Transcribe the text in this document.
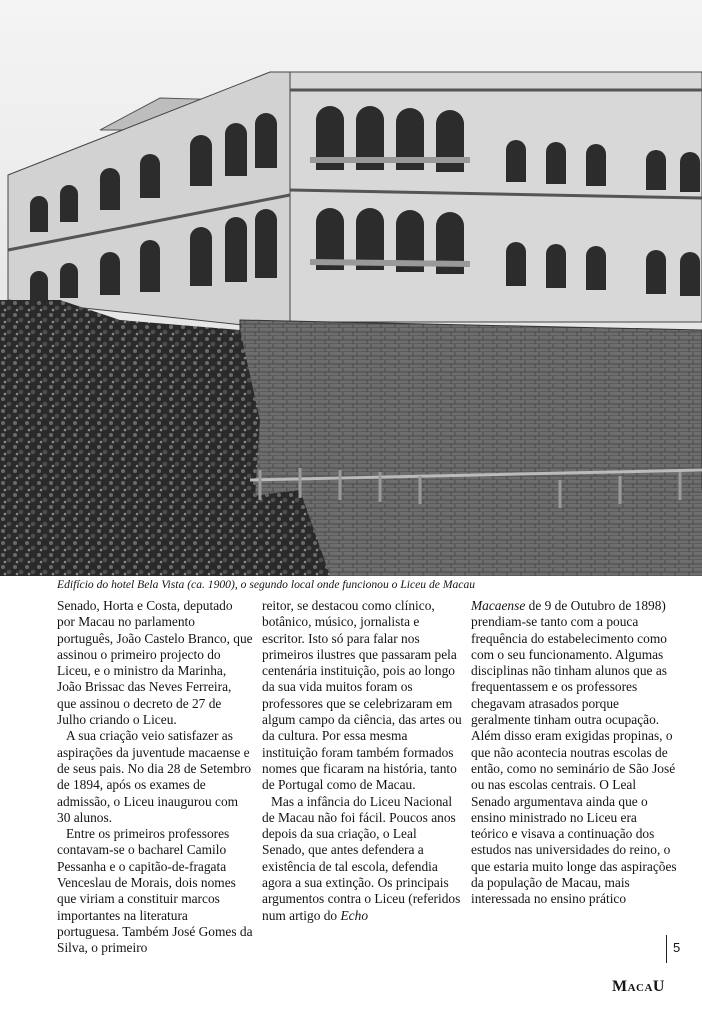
Edifício do hotel Bela Vista (ca. 1900), o segundo local onde funcionou o Liceu de Macau

Senado, Horta e Costa, deputado por Macau no parlamento português, João Castelo Branco, que assinou o primeiro projecto do Liceu, e o ministro da Marinha, João Brissac das Neves Ferreira, que assinou o decreto de 27 de Julho criando o Liceu.

A sua criação veio satisfazer as aspirações da juventude macaense e de seus pais. No dia 28 de Setembro de 1894, após os exames de admissão, o Liceu inaugurou com 30 alunos.

Entre os primeiros professores contavam-se o bacharel Camilo Pessanha e o capitão-de-fragata Venceslau de Morais, dois nomes que viriam a constituir marcos importantes na literatura portuguesa. Também José Gomes da Silva, o primeiro

reitor, se destacou como clínico, botânico, músico, jornalista e escritor. Isto só para falar nos primeiros ilustres que passaram pela centenária instituição, pois ao longo da sua vida muitos foram os professores que se celebrizaram em algum campo da ciência, das artes ou da cultura. Por essa mesma instituição foram também formados nomes que ficaram na história, tanto de Portugal como de Macau.

Mas a infância do Liceu Nacional de Macau não foi fácil. Poucos anos depois da sua criação, o Leal Senado, que antes defendera a existência de tal escola, defendia agora a sua extinção. Os principais argumentos contra o Liceu (referidos num artigo do Echo

Macaense de 9 de Outubro de 1898) prendiam-se tanto com a pouca frequência do estabelecimento como com o seu funcionamento. Algumas disciplinas não tinham alunos que as frequentassem e os professores chegavam atrasados porque geralmente tinham outra ocupação. Além disso eram exigidas propinas, o que não acontecia noutras escolas de então, como no seminário de São José ou nas escolas centrais. O Leal Senado argumentava ainda que o ensino ministrado no Liceu era teórico e visava a continuação dos estudos nas universidades do reino, o que estaria muito longe das aspirações da população de Macau, mais interessada no ensino prático

5
MacaU
